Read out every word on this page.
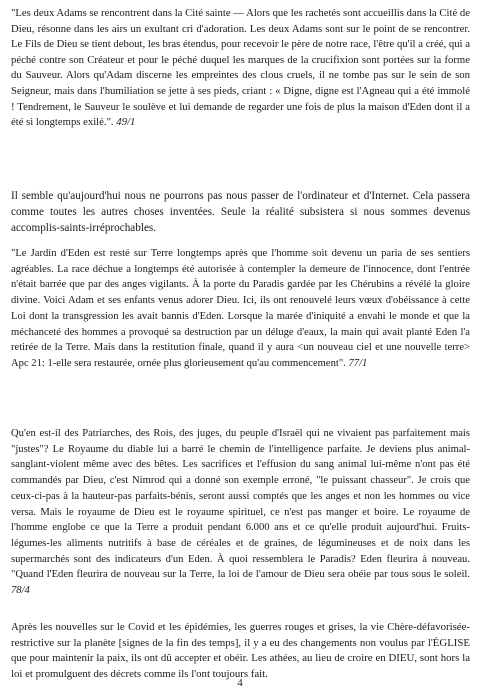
"Les deux Adams se rencontrent dans la Cité sainte — Alors que les rachetés sont accueillis dans la Cité de Dieu, résonne dans les airs un exultant cri d'adoration. Les deux Adams sont sur le point de se rencontrer. Le Fils de Dieu se tient debout, les bras étendus, pour recevoir le père de notre race, l'être qu'il a créé, qui a péché contre son Créateur et pour le péché duquel les marques de la crucifixion sont portées sur la forme du Sauveur. Alors qu'Adam discerne les empreintes des clous cruels, il ne tombe pas sur le sein de son Seigneur, mais dans l'humiliation se jette à ses pieds, criant : « Digne, digne est l'Agneau qui a été immolé ! Tendrement, le Sauveur le soulève et lui demande de regarder une fois de plus la maison d'Eden dont il a été si longtemps exilé.". 49/1

Il semble qu'aujourd'hui nous ne pourrons pas nous passer de l'ordinateur et d'Internet. Cela passera comme toutes les autres choses inventées. Seule la réalité subsistera si nous sommes devenus accomplis-saints-irréprochables.

"Le Jardin d'Eden est resté sur Terre longtemps après que l'homme soit devenu un paria de ses sentiers agréables. La race déchue a longtemps été autorisée à contempler la demeure de l'innocence, dont l'entrée n'était barrée que par des anges vigilants. À la porte du Paradis gardée par les Chérubins a révélé la gloire divine. Voici Adam et ses enfants venus adorer Dieu. Ici, ils ont renouvelé leurs vœux d'obéissance à cette Loi dont la transgression les avait bannis d'Eden. Lorsque la marée d'iniquité a envahi le monde et que la méchanceté des hommes a provoqué sa destruction par un déluge d'eaux, la main qui avait planté Eden l'a retirée de la Terre. Mais dans la restitution finale, quand il y aura <un nouveau ciel et une nouvelle terre> Apc 21: 1-elle sera restaurée, ornée plus glorieusement qu'au commencement". 77/1

Qu'en est-il des Patriarches, des Rois, des juges, du peuple d'Israël qui ne vivaient pas parfaitement mais "justes"? Le Royaume du diable lui a barré le chemin de l'intelligence parfaite. Je deviens plus animal-sanglant-violent même avec des bêtes. Les sacrifices et l'effusion du sang animal lui-même n'ont pas été commandés par Dieu, c'est Nimrod qui a donné son exemple erroné, "le puissant chasseur". Je crois que ceux-ci-pas à la hauteur-pas parfaits-bénis, seront aussi comptés que les anges et non les hommes ou vice versa. Mais le royaume de Dieu est le royaume spirituel, ce n'est pas manger et boire. Le royaume de l'homme englobe ce que la Terre a produit pendant 6.000 ans et ce qu'elle produit aujourd'hui. Fruits-légumes-les aliments nutritifs à base de céréales et de graines, de légumineuses et de noix dans les supermarchés sont des indicateurs d'un Eden. À quoi ressemblera le Paradis? Eden fleurira à nouveau. "Quand l'Eden fleurira de nouveau sur la Terre, la loi de l'amour de Dieu sera obéie par tous sous le soleil. 78/4

Après les nouvelles sur le Covid et les épidémies, les guerres rouges et grises, la vie Chère-défavorisée-restrictive sur la planète [signes de la fin des temps], il y a eu des changements non voulus par l'ÉGLISE que pour maintenir la paix, ils ont dû accepter et obéir. Les athées, au lieu de croire en DIEU, sont hors la loi et promulguent des décrets comme ils l'ont toujours fait.

4
